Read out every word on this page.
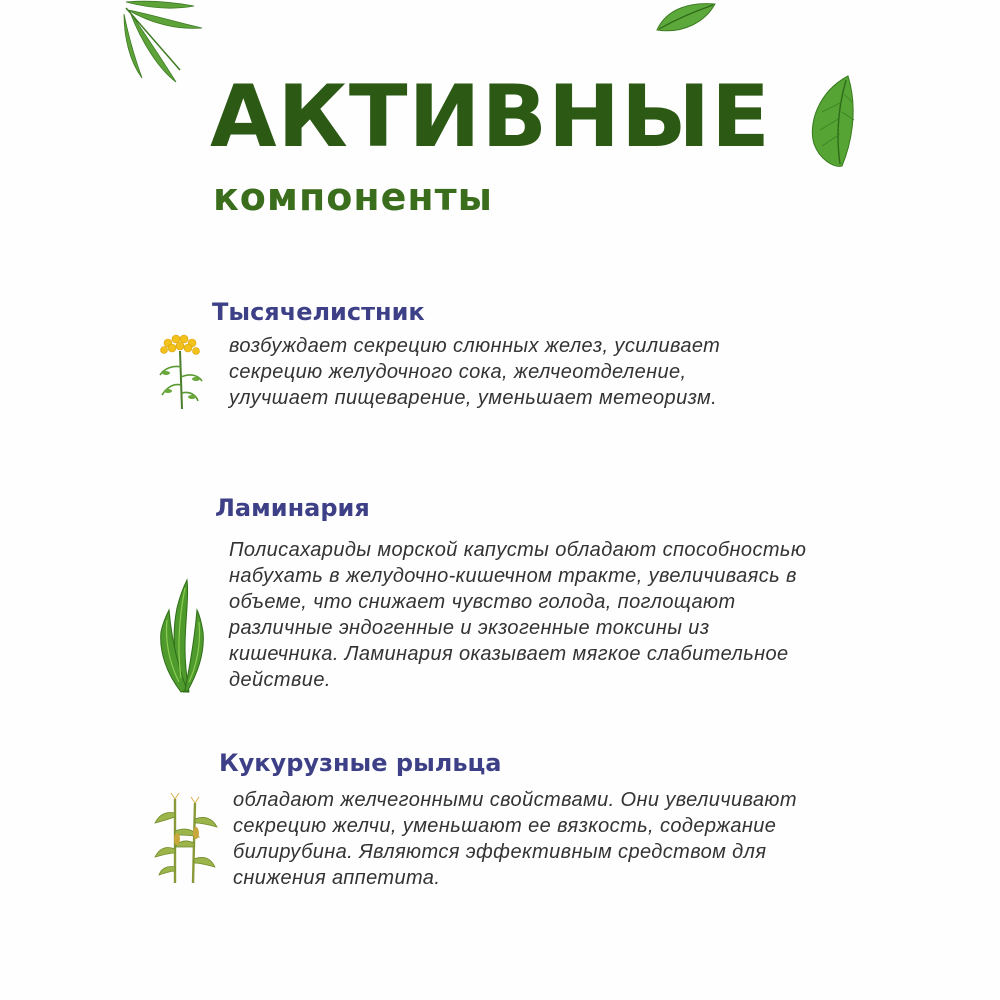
АКТИВНЫЕ
компоненты
Тысячелистник

возбуждает секрецию слюнных желез, усиливает
секрецию желудочного сока, желчеотделение,
улучшает пищеварение, уменьшает метеоризм.

Ламинария

Полисахариды морской капусты обладают способностью
набухать в желудочно-кишечном тракте, увеличиваясь в
объеме, что снижает чувство голода, поглощают
различные эндогенные и экзогенные токсины из
кишечника. Ламинария оказывает мягкое слабительное
действие.

Кукурузные рыльца

обладают желчегонными свойствами. Они увеличивают
секрецию желчи, уменьшают ее вязкость, содержание
билирубина. Являются эффективным средством для
снижения аппетита.
